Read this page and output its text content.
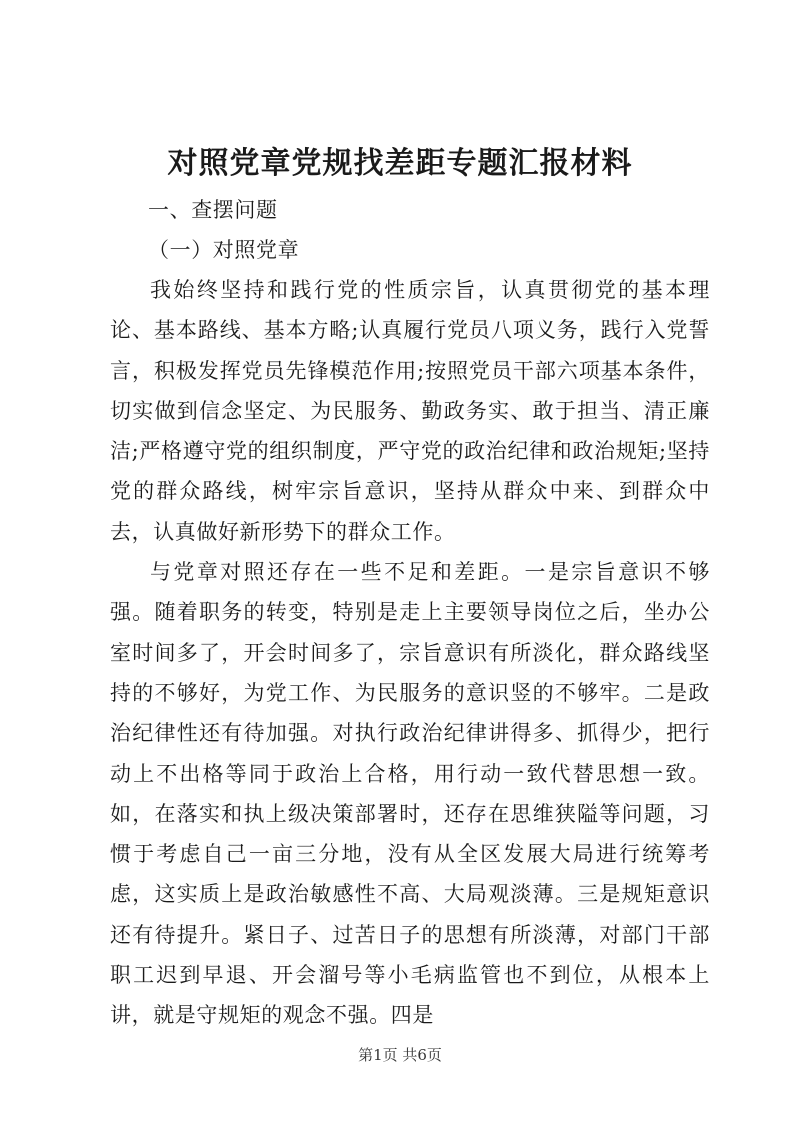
对照党章党规找差距专题汇报材料

一、查摆问题

（一）对照党章

我始终坚持和践行党的性质宗旨，认真贯彻党的基本理论、基本路线、基本方略;认真履行党员八项义务，践行入党誓言，积极发挥党员先锋模范作用;按照党员干部六项基本条件，切实做到信念坚定、为民服务、勤政务实、敢于担当、清正廉洁;严格遵守党的组织制度，严守党的政治纪律和政治规矩;坚持党的群众路线，树牢宗旨意识，坚持从群众中来、到群众中去，认真做好新形势下的群众工作。

与党章对照还存在一些不足和差距。一是宗旨意识不够强。随着职务的转变，特别是走上主要领导岗位之后，坐办公室时间多了，开会时间多了，宗旨意识有所淡化，群众路线坚持的不够好，为党工作、为民服务的意识竖的不够牢。二是政治纪律性还有待加强。对执行政治纪律讲得多、抓得少，把行动上不出格等同于政治上合格，用行动一致代替思想一致。如，在落实和执上级决策部署时，还存在思维狭隘等问题，习惯于考虑自己一亩三分地，没有从全区发展大局进行统筹考虑，这实质上是政治敏感性不高、大局观淡薄。三是规矩意识还有待提升。紧日子、过苦日子的思想有所淡薄，对部门干部职工迟到早退、开会溜号等小毛病监管也不到位，从根本上讲，就是守规矩的观念不强。四是

第1页 共6页
